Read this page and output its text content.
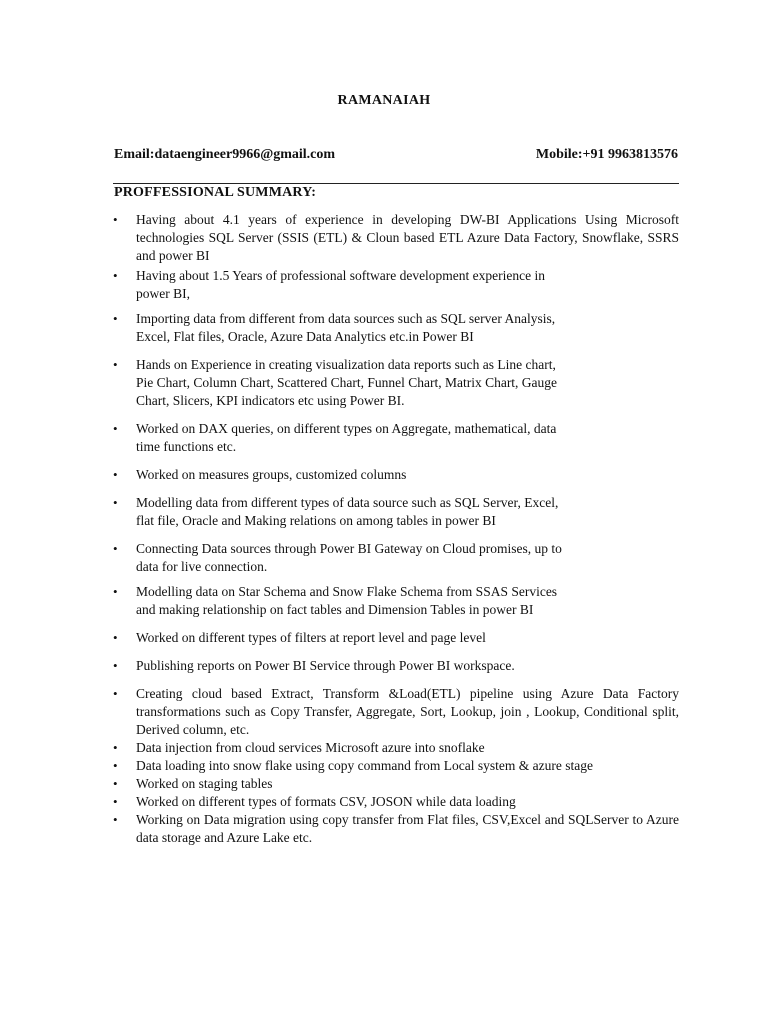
RAMANAIAH
Email:dataengineer9966@gmail.com	Mobile:+91 9963813576
PROFFESSIONAL SUMMARY:
• Having about 4.1 years of experience in developing DW-BI Applications Using Microsoft technologies SQL Server (SSIS (ETL) & Cloun based ETL Azure Data Factory, Snowflake, SSRS and power BI
• Having about 1.5 Years of professional software development experience in power BI,
• Importing data from different from data sources such as SQL server Analysis, Excel, Flat files, Oracle, Azure Data Analytics etc.in Power BI
• Hands on Experience in creating visualization data reports such as Line chart, Pie Chart, Column Chart, Scattered Chart, Funnel Chart, Matrix Chart, Gauge Chart, Slicers, KPI indicators etc using Power BI.
• Worked on DAX queries, on different types on Aggregate, mathematical, data time functions etc.
• Worked on measures groups, customized columns
• Modelling data from different types of data source such as SQL Server, Excel, flat file, Oracle and Making relations on among tables in power BI
• Connecting Data sources through Power BI Gateway on Cloud promises, up to data for live connection.
• Modelling data on Star Schema and Snow Flake Schema from SSAS Services and making relationship on fact tables and Dimension Tables in power BI
• Worked on different types of filters at report level and page level
• Publishing reports on Power BI Service through Power BI workspace.
• Creating cloud based Extract, Transform &Load(ETL) pipeline using Azure Data Factory transformations such as Copy Transfer, Aggregate, Sort, Lookup, join , Lookup, Conditional split, Derived column, etc.
• Data injection from cloud services Microsoft azure into snoflake
• Data loading into snow flake using copy command from Local system & azure stage
• Worked on staging tables
• Worked on different types of formats CSV, JOSON while data loading
• Working on Data migration using copy transfer from Flat files, CSV,Excel and SQLServer to Azure data storage and Azure Lake etc.
